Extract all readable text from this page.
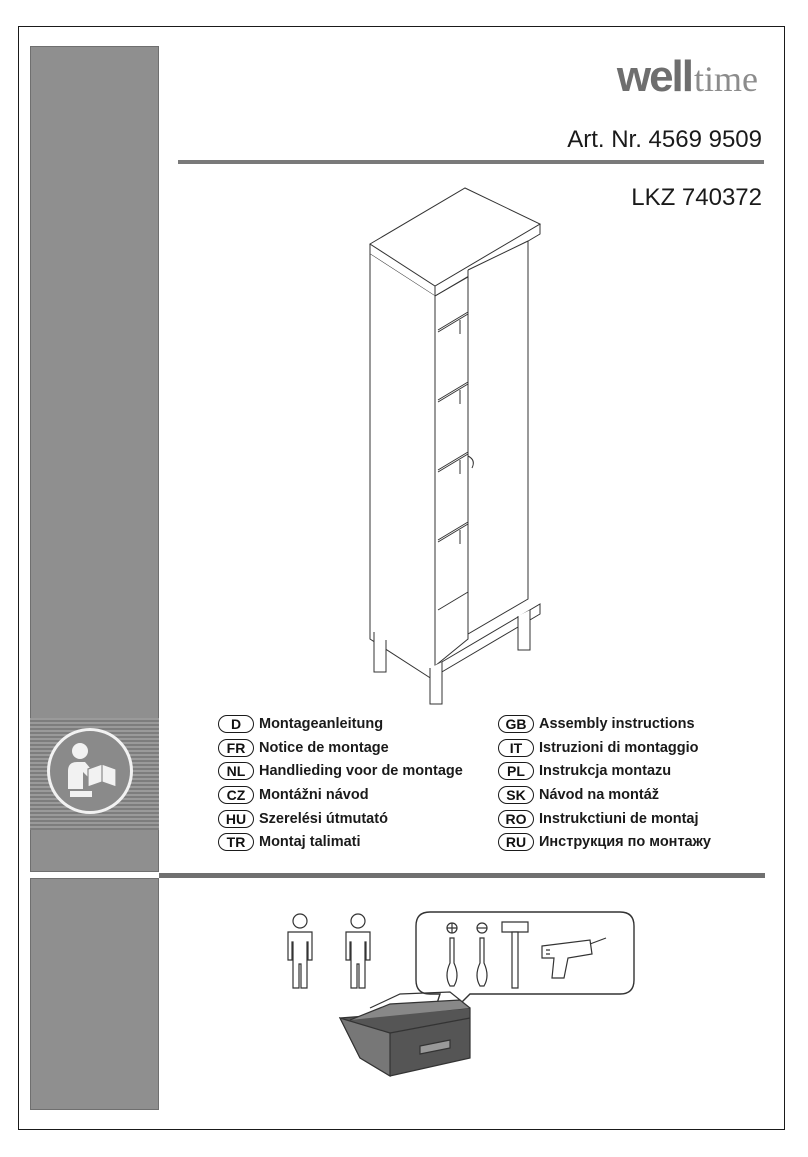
welltime
Art. Nr. 4569 9509
LKZ 740372
D	Montageanleitung
FR Notice de montage
NL Handlieding voor de montage
CZ Montážni návod
HU Szerelési útmutató
TR Montaj talimati
GB Assembly instructions
IT	Istruzioni di montaggio
PL Instrukcja montazu
SK Návod na montáž
RO Instrukctiuni de montaj
RU Инструкция по монтажу
